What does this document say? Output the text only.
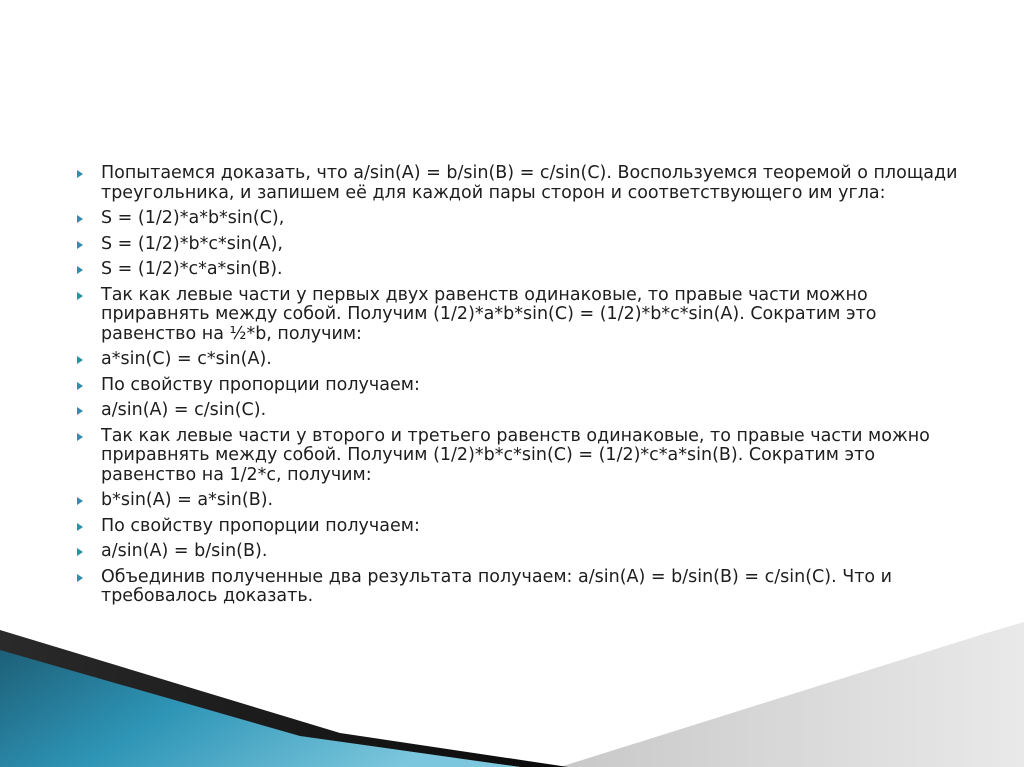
Попытаемся доказать, что a/sin(A) = b/sin(B) = c/sin(C). Воспользуемся теоремой о площади треугольника, и запишем её для каждой пары сторон и соответствующего им угла:
S = (1/2)*a*b*sin(C),
S = (1/2)*b*c*sin(A),
S = (1/2)*c*a*sin(B).
Так как левые части у первых двух равенств одинаковые, то правые части можно приравнять между собой. Получим (1/2)*a*b*sin(C) = (1/2)*b*c*sin(A). Сократим это равенство на ½*b, получим:
a*sin(C) = c*sin(A).
По свойству пропорции получаем:
a/sin(A) = c/sin(C).
Так как левые части у второго и третьего равенств одинаковые, то правые части можно приравнять между собой. Получим (1/2)*b*c*sin(C) = (1/2)*c*a*sin(B). Сократим это равенство на 1/2*c, получим:
b*sin(A) = a*sin(B).
По свойству пропорции получаем:
a/sin(A) = b/sin(B).
Объединив полученные два результата получаем: a/sin(A) = b/sin(B) = c/sin(C). Что и требовалось доказать.
